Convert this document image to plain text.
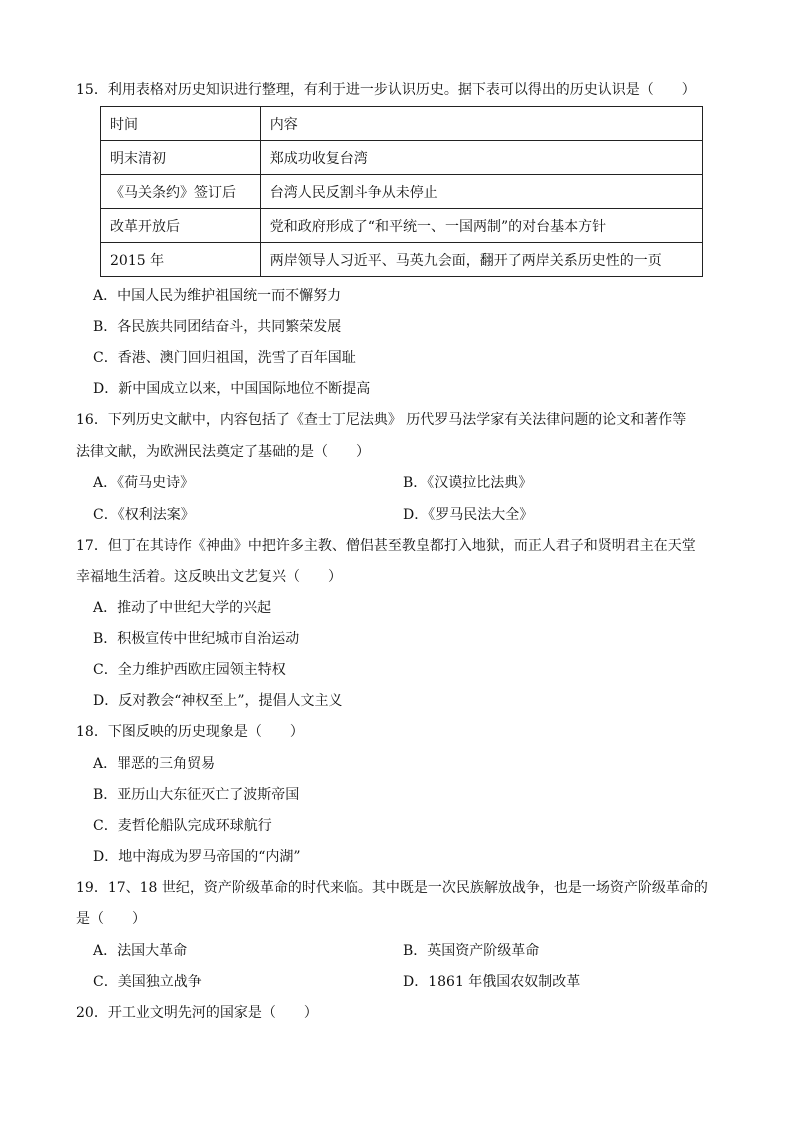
15．利用表格对历史知识进行整理，有利于进一步认识历史。据下表可以得出的历史认识是（　　）
时间	内容
明末清初	郑成功收复台湾
《马关条约》签订后	台湾人民反割斗争从未停止
改革开放后	党和政府形成了“和平统一、一国两制”的对台基本方针
2015 年	两岸领导人习近平、马英九会面，翻开了两岸关系历史性的一页
A．中国人民为维护祖国统一而不懈努力
B．各民族共同团结奋斗，共同繁荣发展
C．香港、澳门回归祖国，洗雪了百年国耻
D．新中国成立以来，中国国际地位不断提高
16．下列历史文献中，内容包括了《查士丁尼法典》 历代罗马法学家有关法律问题的论文和著作等
法律文献，为欧洲民法奠定了基础的是（　　）
A．《荷马史诗》	B．《汉谟拉比法典》
C．《权利法案》	D．《罗马民法大全》
17．但丁在其诗作《神曲》中把许多主教、僧侣甚至教皇都打入地狱，而正人君子和贤明君主在天堂
幸福地生活着。这反映出文艺复兴（　　）
A．推动了中世纪大学的兴起
B．积极宣传中世纪城市自治运动
C．全力维护西欧庄园领主特权
D．反对教会“神权至上”，提倡人文主义
18．下图反映的历史现象是（　　）
A．罪恶的三角贸易
B．亚历山大东征灭亡了波斯帝国
C．麦哲伦船队完成环球航行
D．地中海成为罗马帝国的“内湖”
19．17、18 世纪，资产阶级革命的时代来临。其中既是一次民族解放战争，也是一场资产阶级革命的
是（　　）
A．法国大革命	B．英国资产阶级革命
C．美国独立战争	D．1861 年俄国农奴制改革
20．开工业文明先河的国家是（　　）
